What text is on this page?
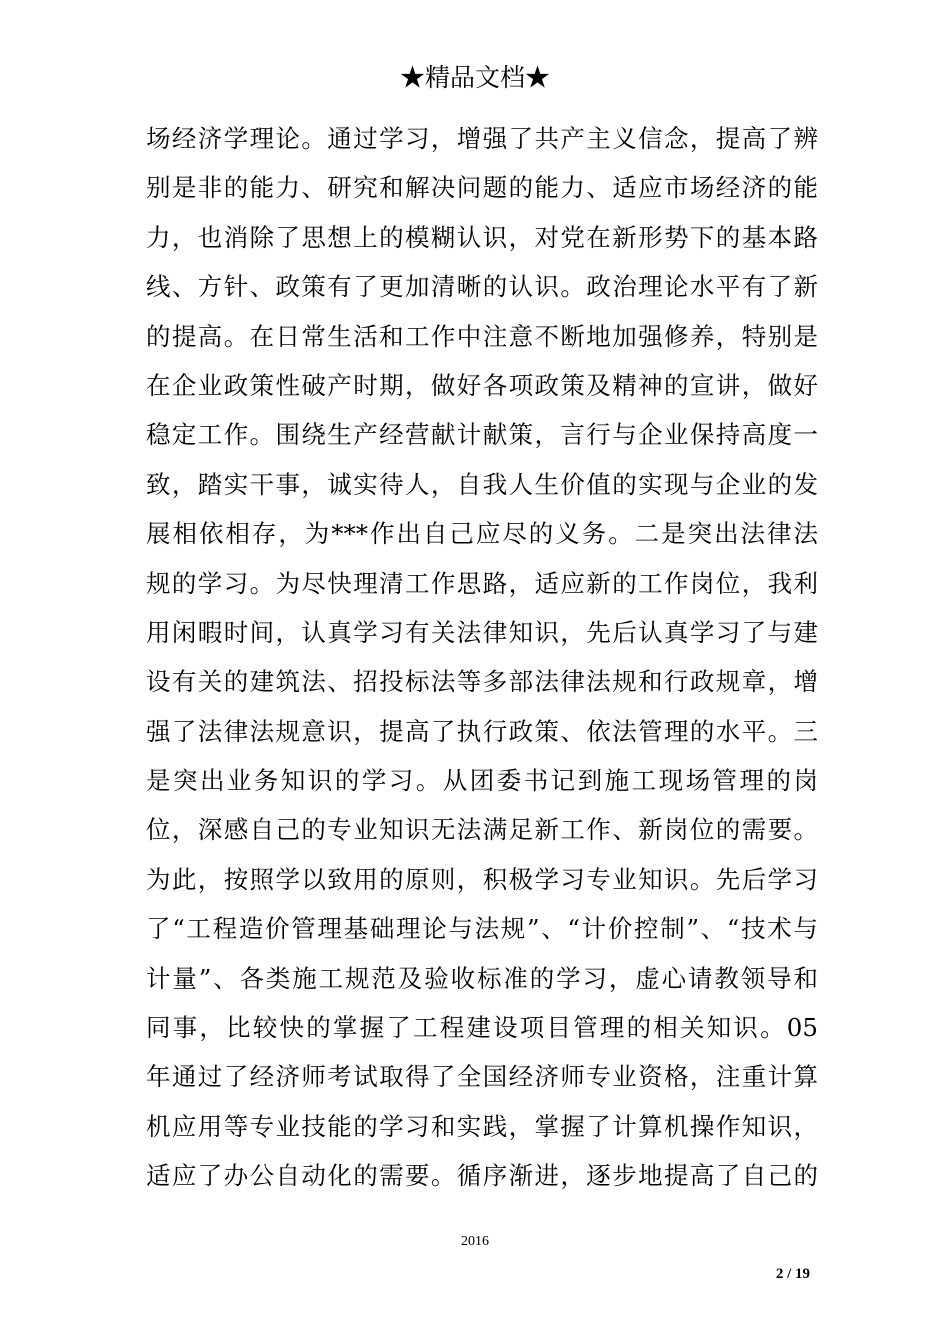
★精品文档★
场经济学理论。通过学习，增强了共产主义信念，提高了辨
别是非的能力、研究和解决问题的能力、适应市场经济的能
力，也消除了思想上的模糊认识，对党在新形势下的基本路
线、方针、政策有了更加清晰的认识。政治理论水平有了新
的提高。在日常生活和工作中注意不断地加强修养，特别是
在企业政策性破产时期，做好各项政策及精神的宣讲，做好
稳定工作。围绕生产经营献计献策，言行与企业保持高度一
致，踏实干事，诚实待人，自我人生价值的实现与企业的发
展相依相存，为***作出自己应尽的义务。二是突出法律法
规的学习。为尽快理清工作思路，适应新的工作岗位，我利
用闲暇时间，认真学习有关法律知识，先后认真学习了与建
设有关的建筑法、招投标法等多部法律法规和行政规章，增
强了法律法规意识，提高了执行政策、依法管理的水平。三
是突出业务知识的学习。从团委书记到施工现场管理的岗
位，深感自己的专业知识无法满足新工作、新岗位的需要。
为此，按照学以致用的原则，积极学习专业知识。先后学习
了“工程造价管理基础理论与法规”、“计价控制”、“技术与
计量”、各类施工规范及验收标准的学习，虚心请教领导和
同事，比较快的掌握了工程建设项目管理的相关知识。05
年通过了经济师考试取得了全国经济师专业资格，注重计算
机应用等专业技能的学习和实践，掌握了计算机操作知识，
适应了办公自动化的需要。循序渐进，逐步地提高了自己的
2016
2 / 19
